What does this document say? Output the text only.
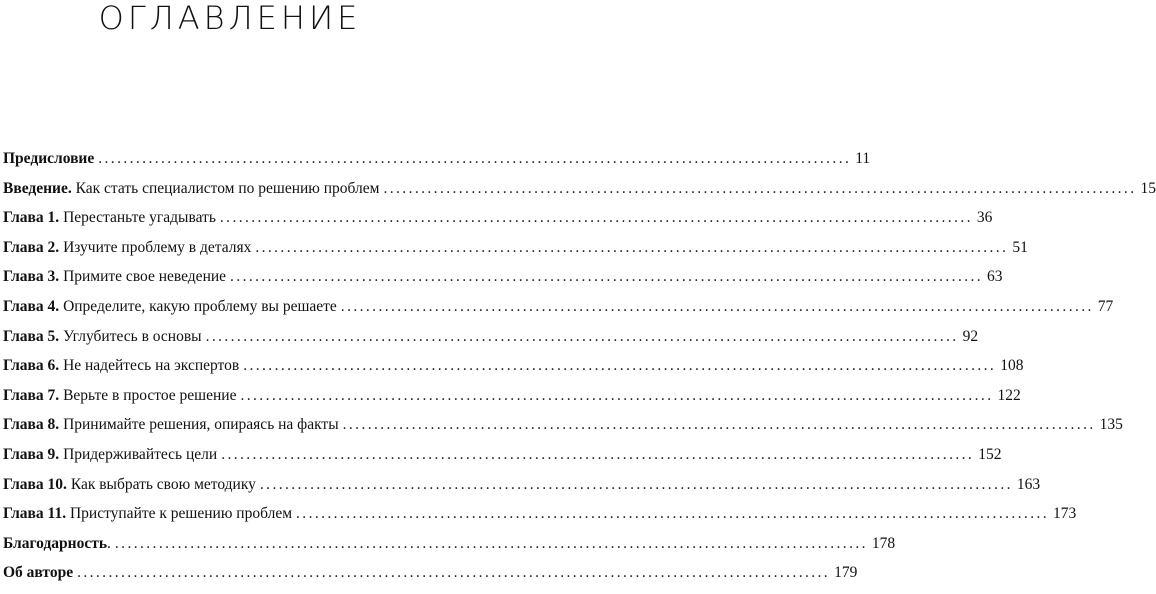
ОГЛАВЛЕНИЕ
Предисловие ........................................................................................................................ 11
Введение. Как стать специалистом по решению проблем ........................................................................................................................ 15
Глава 1. Перестаньте угадывать ........................................................................................................................ 36
Глава 2. Изучите проблему в деталях ........................................................................................................................ 51
Глава 3. Примите свое неведение ........................................................................................................................ 63
Глава 4. Определите, какую проблему вы решаете ........................................................................................................................ 77
Глава 5. Углубитесь в основы ........................................................................................................................ 92
Глава 6. Не надейтесь на экспертов ........................................................................................................................ 108
Глава 7. Верьте в простое решение ........................................................................................................................ 122
Глава 8. Принимайте решения, опираясь на факты ........................................................................................................................ 135
Глава 9. Придерживайтесь цели ........................................................................................................................ 152
Глава 10. Как выбрать свою методику ........................................................................................................................ 163
Глава 11. Приступайте к решению проблем ........................................................................................................................ 173
Благодарность. ........................................................................................................................ 178
Об авторе ........................................................................................................................ 179
